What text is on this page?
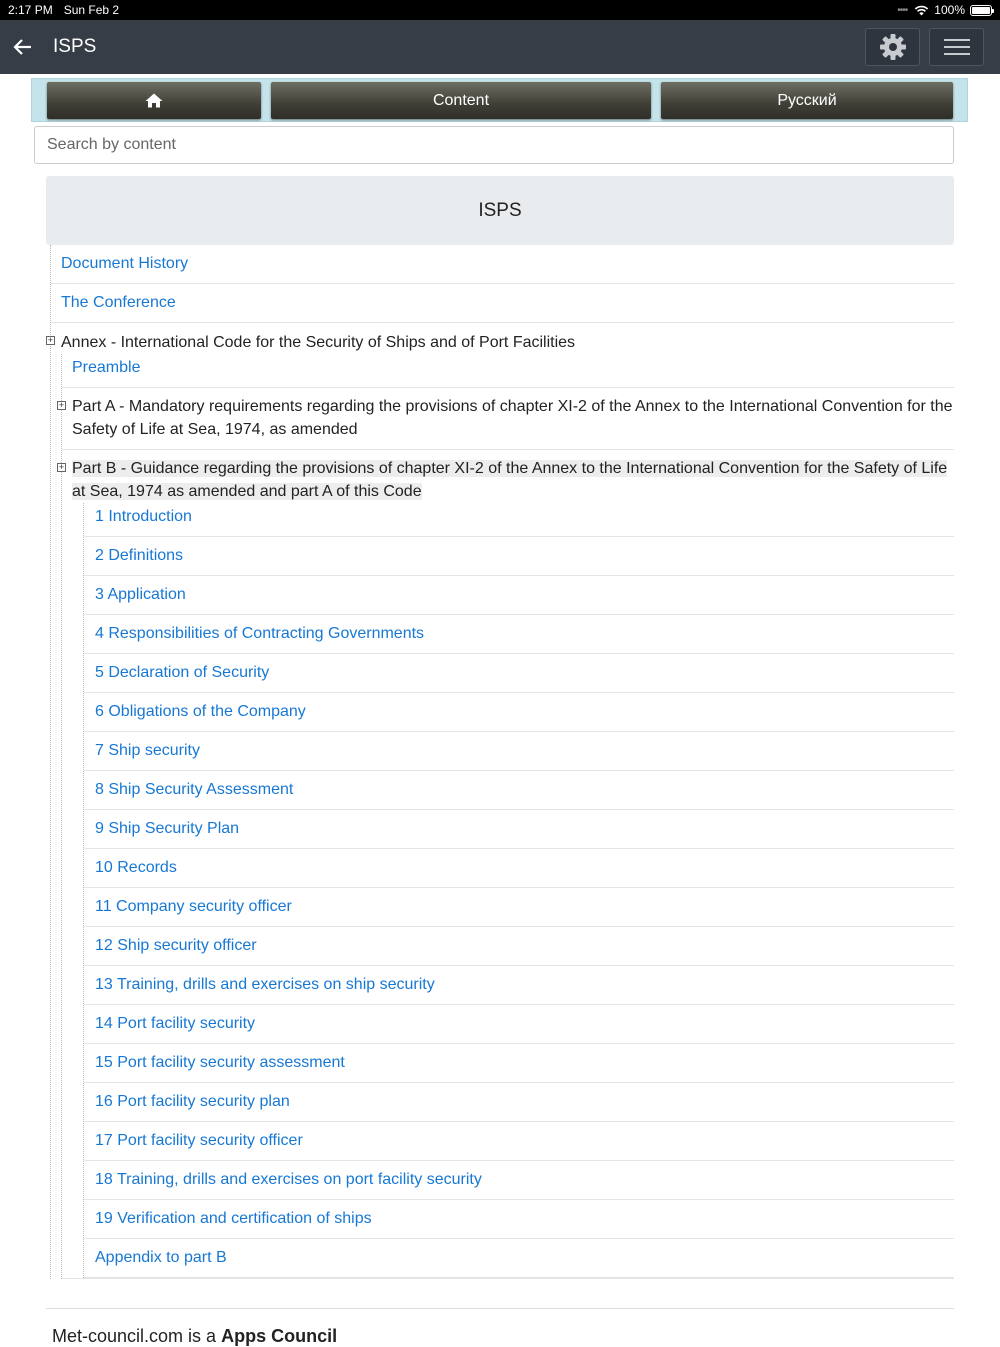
2:17 PM Sun Feb 2	•••• 100%
ISPS
Content	Русский
Search by content
ISPS
Document History
The Conference
+ Annex - International Code for the Security of Ships and of Port Facilities
Preamble
+ Part A - Mandatory requirements regarding the provisions of chapter XI-2 of the Annex to the International Convention for the Safety of Life at Sea, 1974, as amended
+ Part B - Guidance regarding the provisions of chapter XI-2 of the Annex to the International Convention for the Safety of Life at Sea, 1974 as amended and part A of this Code
1 Introduction
2 Definitions
3 Application
4 Responsibilities of Contracting Governments
5 Declaration of Security
6 Obligations of the Company
7 Ship security
8 Ship Security Assessment
9 Ship Security Plan
10 Records
11 Company security officer
12 Ship security officer
13 Training, drills and exercises on ship security
14 Port facility security
15 Port facility security assessment
16 Port facility security plan
17 Port facility security officer
18 Training, drills and exercises on port facility security
19 Verification and certification of ships
Appendix to part B
Met-council.com is a Apps Council
